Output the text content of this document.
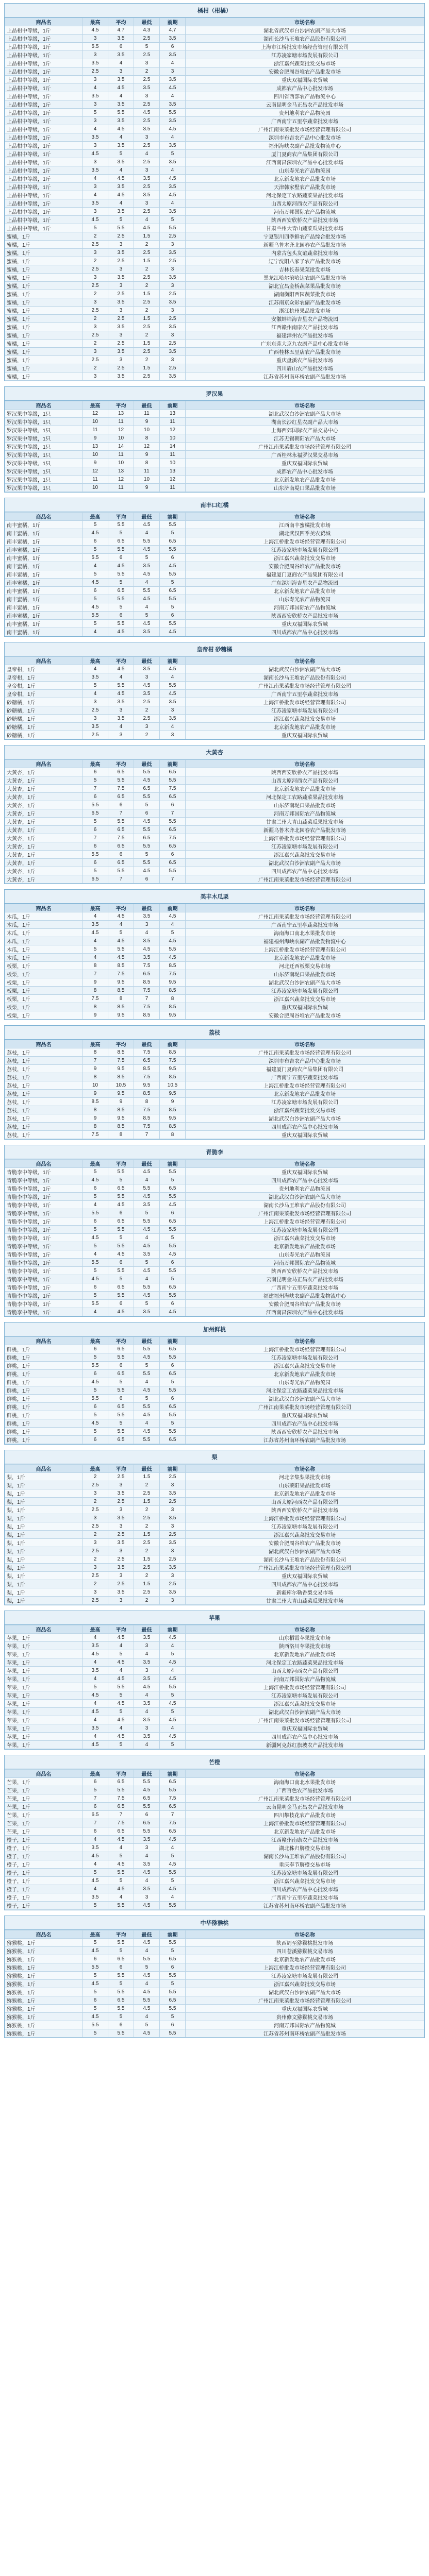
橘柑（柑橘）
商品名	最高	平均	最低	前期	市场名称
上品柑中等级，1斤	4.5	4.7	4.3	4.7	湖北省武汉市白沙洲农副产品大市场
上品柑中等级，1斤	3	3.5	2.5	3.5	湖南长沙马王堆农产品股份有限公司
上品柑中等级，1斤	5.5	6	5	6	上海市江桥批发市场经营管理有限公司
上品柑中等级，1斤	3	3.5	2.5	3.5	江苏凌家塘市场发展有限公司
上品柑中等级，1斤	3.5	4	3	4	浙江嘉兴蔬菜批发交易市场
上品柑中等级，1斤	2.5	3	2	3	安徽合肥周谷堆农产品批发市场
上品柑中等级，1斤	3	3.5	2.5	3.5	重庆双福国际农贸城
上品柑中等级，1斤	4	4.5	3.5	4.5	成都农产品中心批发市场
上品柑中等级，1斤	3.5	4	3	4	四川省西部农产品物流中心
上品柑中等级，1斤	3	3.5	2.5	3.5	云南昆明金马正昌农产品批发市场
上品柑中等级，1斤	5	5.5	4.5	5.5	贵州地利农产品物流园
上品柑中等级，1斤	3	3.5	2.5	3.5	广西南宁五里亭蔬菜批发市场
上品柑中等级，1斤	4	4.5	3.5	4.5	广州江南果菜批发市场经营管理有限公司
上品柑中等级，1斤	3.5	4	3	4	深圳市布吉农产品中心批发市场
上品柑中等级，1斤	3	3.5	2.5	3.5	福州海峡农副产品批发物流中心
上品柑中等级，1斤	4.5	5	4	5	厦门夏商农产品集团有限公司
上品柑中等级，1斤	3	3.5	2.5	3.5	江西南昌深圳农产品中心批发市场
上品柑中等级，1斤	3.5	4	3	4	山东寿光农产品物流园
上品柑中等级，1斤	4	4.5	3.5	4.5	北京新发地农产品批发市场
上品柑中等级，1斤	3	3.5	2.5	3.5	天津韩家墅农产品批发市场
上品柑中等级，1斤	4	4.5	3.5	4.5	河北保定工农路蔬菜果品批发市场
上品柑中等级，1斤	3.5	4	3	4	山西太原河西农产品有限公司
上品柑中等级，1斤	3	3.5	2.5	3.5	河南万邦国际农产品物流城
上品柑中等级，1斤	4.5	5	4	5	陕西西安欣桥农产品批发市场
上品柑中等级，1斤	5	5.5	4.5	5.5	甘肃兰州大青山蔬菜瓜果批发市场
蜜橘，1斤	2	2.5	1.5	2.5	宁夏银川四季鲜农产品综合批发市场
蜜橘，1斤	2.5	3	2	3	新疆乌鲁木齐北园春农产品批发市场
蜜橘，1斤	3	3.5	2.5	3.5	内蒙古包头友谊蔬菜批发市场
蜜橘，1斤	2	2.5	1.5	2.5	辽宁沈阳八家子农产品批发市场
蜜橘，1斤	2.5	3	2	3	吉林长春果菜批发市场
蜜橘，1斤	3	3.5	2.5	3.5	黑龙江哈尔滨哈达农副产品批发市场
蜜橘，1斤	2.5	3	2	3	湖北宜昌金桥蔬菜果品批发市场
蜜橘，1斤	2	2.5	1.5	2.5	湖南衡阳西园蔬菜批发市场
蜜橘，1斤	3	3.5	2.5	3.5	江苏南京众彩农副产品批发市场
蜜橘，1斤	2.5	3	2	3	浙江杭州果品批发市场
蜜橘，1斤	2	2.5	1.5	2.5	安徽蚌埠海吉星农产品物流园
蜜橘，1斤	3	3.5	2.5	3.5	江西赣州南康农产品批发市场
蜜橘，1斤	2.5	3	2	3	福建漳州农产品批发市场
蜜橘，1斤	2	2.5	1.5	2.5	广东东莞大京九农副产品中心批发市场
蜜橘，1斤	3	3.5	2.5	3.5	广西桂林五里店农产品批发市场
蜜橘，1斤	2.5	3	2	3	重庆盘溪农产品批发市场
蜜橘，1斤	2	2.5	1.5	2.5	四川眉山农产品批发市场
蜜橘，1斤	3	3.5	2.5	3.5	江苏省苏州南环桥农副产品批发市场
罗汉果
商品名	最高	平均	最低	前期	市场名称
罗汉果中等级，1只	12	13	11	13	湖北武汉白沙洲农副产品大市场
罗汉果中等级，1只	10	11	9	11	湖南长沙红星农副产品大市场
罗汉果中等级，1只	11	12	10	12	上海西郊国际农产品交易中心
罗汉果中等级，1只	9	10	8	10	江苏无锡朝阳农产品大市场
罗汉果中等级，1只	13	14	12	14	广州江南果菜批发市场经营管理有限公司
罗汉果中等级，1只	10	11	9	11	广西桂林永福罗汉果交易市场
罗汉果中等级，1只	9	10	8	10	重庆双福国际农贸城
罗汉果中等级，1只	12	13	11	13	成都农产品中心批发市场
罗汉果中等级，1只	11	12	10	12	北京新发地农产品批发市场
罗汉果中等级，1只	10	11	9	11	山东济南堤口果品批发市场
南丰口红橘
商品名	最高	平均	最低	前期	市场名称
南丰蜜橘，1斤	5	5.5	4.5	5.5	江西南丰蜜橘批发市场
南丰蜜橘，1斤	4.5	5	4	5	湖北武汉四季美农贸城
南丰蜜橘，1斤	6	6.5	5.5	6.5	上海江桥批发市场经营管理有限公司
南丰蜜橘，1斤	5	5.5	4.5	5.5	江苏凌家塘市场发展有限公司
南丰蜜橘，1斤	5.5	6	5	6	浙江嘉兴蔬菜批发交易市场
南丰蜜橘，1斤	4	4.5	3.5	4.5	安徽合肥周谷堆农产品批发市场
南丰蜜橘，1斤	5	5.5	4.5	5.5	福建厦门夏商农产品集团有限公司
南丰蜜橘，1斤	4.5	5	4	5	广东深圳海吉星农产品物流园
南丰蜜橘，1斤	6	6.5	5.5	6.5	北京新发地农产品批发市场
南丰蜜橘，1斤	5	5.5	4.5	5.5	山东寿光农产品物流园
南丰蜜橘，1斤	4.5	5	4	5	河南万邦国际农产品物流城
南丰蜜橘，1斤	5.5	6	5	6	陕西西安欣桥农产品批发市场
南丰蜜橘，1斤	5	5.5	4.5	5.5	重庆双福国际农贸城
南丰蜜橘，1斤	4	4.5	3.5	4.5	四川成都农产品中心批发市场
皇帝柑 砂糖橘
商品名	最高	平均	最低	前期	市场名称
皇帝柑，1斤	4	4.5	3.5	4.5	湖北武汉白沙洲农副产品大市场
皇帝柑，1斤	3.5	4	3	4	湖南长沙马王堆农产品股份有限公司
皇帝柑，1斤	5	5.5	4.5	5.5	广州江南果菜批发市场经营管理有限公司
皇帝柑，1斤	4	4.5	3.5	4.5	广西南宁五里亭蔬菜批发市场
砂糖橘，1斤	3	3.5	2.5	3.5	上海江桥批发市场经营管理有限公司
砂糖橘，1斤	2.5	3	2	3	江苏凌家塘市场发展有限公司
砂糖橘，1斤	3	3.5	2.5	3.5	浙江嘉兴蔬菜批发交易市场
砂糖橘，1斤	3.5	4	3	4	北京新发地农产品批发市场
砂糖橘，1斤	2.5	3	2	3	重庆双福国际农贸城
大黄杏
商品名	最高	平均	最低	前期	市场名称
大黄杏，1斤	6	6.5	5.5	6.5	陕西西安欣桥农产品批发市场
大黄杏，1斤	5	5.5	4.5	5.5	山西太原河西农产品有限公司
大黄杏，1斤	7	7.5	6.5	7.5	北京新发地农产品批发市场
大黄杏，1斤	6	6.5	5.5	6.5	河北保定工农路蔬菜果品批发市场
大黄杏，1斤	5.5	6	5	6	山东济南堤口果品批发市场
大黄杏，1斤	6.5	7	6	7	河南万邦国际农产品物流城
大黄杏，1斤	5	5.5	4.5	5.5	甘肃兰州大青山蔬菜瓜果批发市场
大黄杏，1斤	6	6.5	5.5	6.5	新疆乌鲁木齐北园春农产品批发市场
大黄杏，1斤	7	7.5	6.5	7.5	上海江桥批发市场经营管理有限公司
大黄杏，1斤	6	6.5	5.5	6.5	江苏凌家塘市场发展有限公司
大黄杏，1斤	5.5	6	5	6	浙江嘉兴蔬菜批发交易市场
大黄杏，1斤	6	6.5	5.5	6.5	湖北武汉白沙洲农副产品大市场
大黄杏，1斤	5	5.5	4.5	5.5	四川成都农产品中心批发市场
大黄杏，1斤	6.5	7	6	7	广州江南果菜批发市场经营管理有限公司
美丰木瓜栗
商品名	最高	平均	最低	前期	市场名称
木瓜，1斤	4	4.5	3.5	4.5	广州江南果菜批发市场经营管理有限公司
木瓜，1斤	3.5	4	3	4	广西南宁五里亭蔬菜批发市场
木瓜，1斤	4.5	5	4	5	海南海口南北水果批发市场
木瓜，1斤	4	4.5	3.5	4.5	福建福州海峡农副产品批发物流中心
木瓜，1斤	5	5.5	4.5	5.5	上海江桥批发市场经营管理有限公司
木瓜，1斤	4	4.5	3.5	4.5	北京新发地农产品批发市场
板栗，1斤	8	8.5	7.5	8.5	河北迁西板栗交易市场
板栗，1斤	7	7.5	6.5	7.5	山东济南堤口果品批发市场
板栗，1斤	9	9.5	8.5	9.5	湖北武汉白沙洲农副产品大市场
板栗，1斤	8	8.5	7.5	8.5	江苏凌家塘市场发展有限公司
板栗，1斤	7.5	8	7	8	浙江嘉兴蔬菜批发交易市场
板栗，1斤	8	8.5	7.5	8.5	重庆双福国际农贸城
板栗，1斤	9	9.5	8.5	9.5	安徽合肥周谷堆农产品批发市场
荔枝
商品名	最高	平均	最低	前期	市场名称
荔枝，1斤	8	8.5	7.5	8.5	广州江南果菜批发市场经营管理有限公司
荔枝，1斤	7	7.5	6.5	7.5	深圳市布吉农产品中心批发市场
荔枝，1斤	9	9.5	8.5	9.5	福建厦门夏商农产品集团有限公司
荔枝，1斤	8	8.5	7.5	8.5	广西南宁五里亭蔬菜批发市场
荔枝，1斤	10	10.5	9.5	10.5	上海江桥批发市场经营管理有限公司
荔枝，1斤	9	9.5	8.5	9.5	北京新发地农产品批发市场
荔枝，1斤	8.5	9	8	9	江苏凌家塘市场发展有限公司
荔枝，1斤	8	8.5	7.5	8.5	浙江嘉兴蔬菜批发交易市场
荔枝，1斤	9	9.5	8.5	9.5	湖北武汉白沙洲农副产品大市场
荔枝，1斤	8	8.5	7.5	8.5	四川成都农产品中心批发市场
荔枝，1斤	7.5	8	7	8	重庆双福国际农贸城
青脆李
商品名	最高	平均	最低	前期	市场名称
青脆李中等级，1斤	5	5.5	4.5	5.5	重庆双福国际农贸城
青脆李中等级，1斤	4.5	5	4	5	四川成都农产品中心批发市场
青脆李中等级，1斤	6	6.5	5.5	6.5	贵州地利农产品物流园
青脆李中等级，1斤	5	5.5	4.5	5.5	湖北武汉白沙洲农副产品大市场
青脆李中等级，1斤	4	4.5	3.5	4.5	湖南长沙马王堆农产品股份有限公司
青脆李中等级，1斤	5.5	6	5	6	广州江南果菜批发市场经营管理有限公司
青脆李中等级，1斤	6	6.5	5.5	6.5	上海江桥批发市场经营管理有限公司
青脆李中等级，1斤	5	5.5	4.5	5.5	江苏凌家塘市场发展有限公司
青脆李中等级，1斤	4.5	5	4	5	浙江嘉兴蔬菜批发交易市场
青脆李中等级，1斤	5	5.5	4.5	5.5	北京新发地农产品批发市场
青脆李中等级，1斤	4	4.5	3.5	4.5	山东寿光农产品物流园
青脆李中等级，1斤	5.5	6	5	6	河南万邦国际农产品物流城
青脆李中等级，1斤	5	5.5	4.5	5.5	陕西西安欣桥农产品批发市场
青脆李中等级，1斤	4.5	5	4	5	云南昆明金马正昌农产品批发市场
青脆李中等级，1斤	6	6.5	5.5	6.5	广西南宁五里亭蔬菜批发市场
青脆李中等级，1斤	5	5.5	4.5	5.5	福建福州海峡农副产品批发物流中心
青脆李中等级，1斤	5.5	6	5	6	安徽合肥周谷堆农产品批发市场
青脆李中等级，1斤	4	4.5	3.5	4.5	江西南昌深圳农产品中心批发市场
加州鲜桃
商品名	最高	平均	最低	前期	市场名称
鲜桃，1斤	6	6.5	5.5	6.5	上海江桥批发市场经营管理有限公司
鲜桃，1斤	5	5.5	4.5	5.5	江苏凌家塘市场发展有限公司
鲜桃，1斤	5.5	6	5	6	浙江嘉兴蔬菜批发交易市场
鲜桃，1斤	6	6.5	5.5	6.5	北京新发地农产品批发市场
鲜桃，1斤	4.5	5	4	5	山东寿光农产品物流园
鲜桃，1斤	5	5.5	4.5	5.5	河北保定工农路蔬菜果品批发市场
鲜桃，1斤	5.5	6	5	6	湖北武汉白沙洲农副产品大市场
鲜桃，1斤	6	6.5	5.5	6.5	广州江南果菜批发市场经营管理有限公司
鲜桃，1斤	5	5.5	4.5	5.5	重庆双福国际农贸城
鲜桃，1斤	4.5	5	4	5	四川成都农产品中心批发市场
鲜桃，1斤	5	5.5	4.5	5.5	陕西西安欣桥农产品批发市场
鲜桃，1斤	6	6.5	5.5	6.5	江苏省苏州南环桥农副产品批发市场
梨
商品名	最高	平均	最低	前期	市场名称
梨，1斤	2	2.5	1.5	2.5	河北辛集梨果批发市场
梨，1斤	2.5	3	2	3	山东莱阳果品批发市场
梨，1斤	3	3.5	2.5	3.5	北京新发地农产品批发市场
梨，1斤	2	2.5	1.5	2.5	山西太原河西农产品有限公司
梨，1斤	2.5	3	2	3	陕西西安欣桥农产品批发市场
梨，1斤	3	3.5	2.5	3.5	上海江桥批发市场经营管理有限公司
梨，1斤	2.5	3	2	3	江苏凌家塘市场发展有限公司
梨，1斤	2	2.5	1.5	2.5	浙江嘉兴蔬菜批发交易市场
梨，1斤	3	3.5	2.5	3.5	安徽合肥周谷堆农产品批发市场
梨，1斤	2.5	3	2	3	湖北武汉白沙洲农副产品大市场
梨，1斤	2	2.5	1.5	2.5	湖南长沙马王堆农产品股份有限公司
梨，1斤	3	3.5	2.5	3.5	广州江南果菜批发市场经营管理有限公司
梨，1斤	2.5	3	2	3	重庆双福国际农贸城
梨，1斤	2	2.5	1.5	2.5	四川成都农产品中心批发市场
梨，1斤	3	3.5	2.5	3.5	新疆库尔勒香梨交易市场
梨，1斤	2.5	3	2	3	甘肃兰州大青山蔬菜瓜果批发市场
苹果
商品名	最高	平均	最低	前期	市场名称
苹果，1斤	4	4.5	3.5	4.5	山东栖霞苹果批发市场
苹果，1斤	3.5	4	3	4	陕西洛川苹果批发市场
苹果，1斤	4.5	5	4	5	北京新发地农产品批发市场
苹果，1斤	4	4.5	3.5	4.5	河北保定工农路蔬菜果品批发市场
苹果，1斤	3.5	4	3	4	山西太原河西农产品有限公司
苹果，1斤	4	4.5	3.5	4.5	河南万邦国际农产品物流城
苹果，1斤	5	5.5	4.5	5.5	上海江桥批发市场经营管理有限公司
苹果，1斤	4.5	5	4	5	江苏凌家塘市场发展有限公司
苹果，1斤	4	4.5	3.5	4.5	浙江嘉兴蔬菜批发交易市场
苹果，1斤	4.5	5	4	5	湖北武汉白沙洲农副产品大市场
苹果，1斤	4	4.5	3.5	4.5	广州江南果菜批发市场经营管理有限公司
苹果，1斤	3.5	4	3	4	重庆双福国际农贸城
苹果，1斤	4	4.5	3.5	4.5	四川成都农产品中心批发市场
苹果，1斤	4.5	5	4	5	新疆阿克苏红旗坡农产品批发市场
芒橙
商品名	最高	平均	最低	前期	市场名称
芒果，1斤	6	6.5	5.5	6.5	海南海口南北水果批发市场
芒果，1斤	5	5.5	4.5	5.5	广西百色农产品批发市场
芒果，1斤	7	7.5	6.5	7.5	广州江南果菜批发市场经营管理有限公司
芒果，1斤	6	6.5	5.5	6.5	云南昆明金马正昌农产品批发市场
芒果，1斤	6.5	7	6	7	四川攀枝花农产品批发市场
芒果，1斤	7	7.5	6.5	7.5	上海江桥批发市场经营管理有限公司
芒果，1斤	6	6.5	5.5	6.5	北京新发地农产品批发市场
橙子，1斤	4	4.5	3.5	4.5	江西赣州南康农产品批发市场
橙子，1斤	3.5	4	3	4	湖北秭归脐橙交易市场
橙子，1斤	4.5	5	4	5	湖南长沙马王堆农产品股份有限公司
橙子，1斤	4	4.5	3.5	4.5	重庆奉节脐橙交易市场
橙子，1斤	5	5.5	4.5	5.5	江苏凌家塘市场发展有限公司
橙子，1斤	4.5	5	4	5	浙江嘉兴蔬菜批发交易市场
橙子，1斤	4	4.5	3.5	4.5	四川成都农产品中心批发市场
橙子，1斤	3.5	4	3	4	广西南宁五里亭蔬菜批发市场
橙子，1斤	5	5.5	4.5	5.5	江苏省苏州南环桥农副产品批发市场
中华猕猴桃
商品名	最高	平均	最低	前期	市场名称
猕猴桃，1斤	5	5.5	4.5	5.5	陕西周至猕猴桃批发市场
猕猴桃，1斤	4.5	5	4	5	四川苍溪猕猴桃交易市场
猕猴桃，1斤	6	6.5	5.5	6.5	北京新发地农产品批发市场
猕猴桃，1斤	5.5	6	5	6	上海江桥批发市场经营管理有限公司
猕猴桃，1斤	5	5.5	4.5	5.5	江苏凌家塘市场发展有限公司
猕猴桃，1斤	4.5	5	4	5	浙江嘉兴蔬菜批发交易市场
猕猴桃，1斤	5	5.5	4.5	5.5	湖北武汉白沙洲农副产品大市场
猕猴桃，1斤	6	6.5	5.5	6.5	广州江南果菜批发市场经营管理有限公司
猕猴桃，1斤	5	5.5	4.5	5.5	重庆双福国际农贸城
猕猴桃，1斤	4.5	5	4	5	贵州修文猕猴桃交易市场
猕猴桃，1斤	5.5	6	5	6	河南万邦国际农产品物流城
猕猴桃，1斤	5	5.5	4.5	5.5	江苏省苏州南环桥农副产品批发市场
